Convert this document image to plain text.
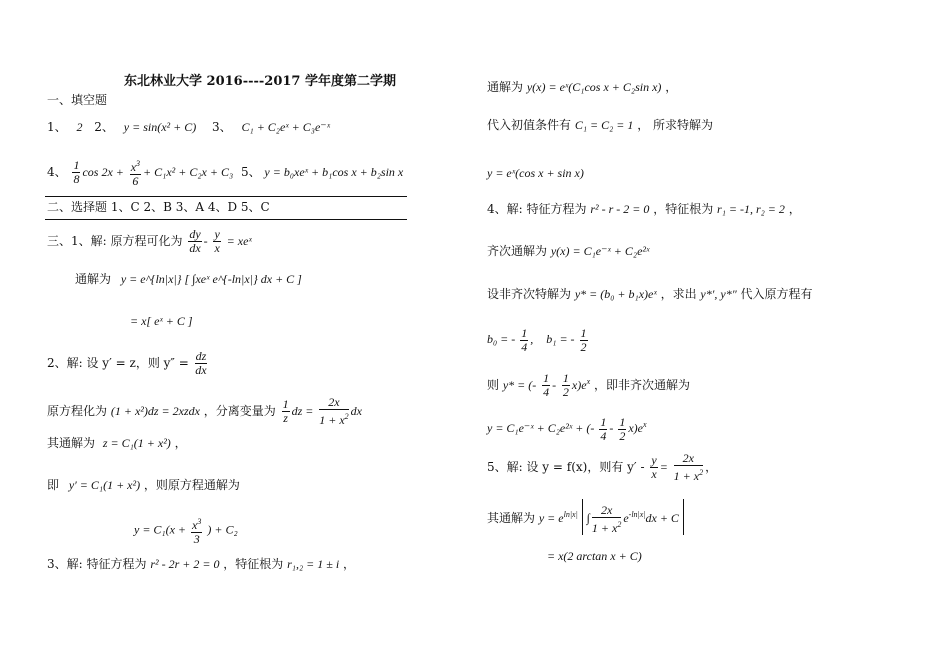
东北林业大学 2016----2017 学年度第二学期
一、填空题
1、 2 2、 y = sin(x² + C) 3、 C₁ + C₂eˣ + C₃e⁻ˣ
4、 $\frac{1}{8}$ $\cos 2x + \frac{x^3}{6} + C_1x^2 + C_2x + C_3$ 5、 y = b₀xeˣ + b₁cos x + b₂sin x
二、选择题 1、C 2、B 3、A 4、D 5、C
三、1、解: 原方程可化为 $\frac{dy}{dx} - \frac{y}{x}$ = xeˣ
通解为 y = e^{ln|x|} [ ∫xeˣ e^{-ln|x|} dx + C ]
= x[ eˣ + C ]
2、解: 设 y′ = z，则 $y'' = \frac{dz}{dx}$
原方程化为 (1 + x²)dz = 2xzdx ，分离变量为 $\frac{1}{z}$ dz = $\frac{2x}{1 + x^2}$ dx
其通解为 z = C₁(1 + x²) ，
即 y′ = C₁(1 + x²) ，则原方程通解为
$y = C_1(x + \frac{x^3}{3}$ ) + C₂
3、解: 特征方程为 r² - 2r + 2 = 0 ，特征根为 r₁,₂ = 1 ± i ，
通解为 y(x) = eˣ(C₁cos x + C₂sin x) ，
代入初值条件有 C₁ = C₂ = 1 ， 所求特解为
y = eˣ(cos x + sin x)
4、解: 特征方程为 r² - r - 2 = 0 ，特征根为 r₁ = -1, r₂ = 2 ，
齐次通解为 y(x) = C₁e⁻ˣ + C₂e²ˣ
设非齐次特解为 y* = (b₀ + b₁x)eˣ ，求出 y*′, y*″ 代入原方程有
b₀ = - $\frac{1}{4}$ , b₁ = - $\frac{1}{2}$
则 y* = (- $\frac{1}{4} - \frac{1}{2} x)e^x$ ，即非齐次通解为
y = C₁e⁻ˣ + C₂e²ˣ + (- $\frac{1}{4} - \frac{1}{2} x)e^x$
5、解: 设 y = f(x)，则有 $y' - \frac{y}{x} = \frac{2x}{1 + x^2}$ ，
其通解为 $y = e^{ln|x|}$ ∫ $\frac{2x}{1 + x^2} e^{-ln|x|}dx + C$
= x(2 arctan x + C)
